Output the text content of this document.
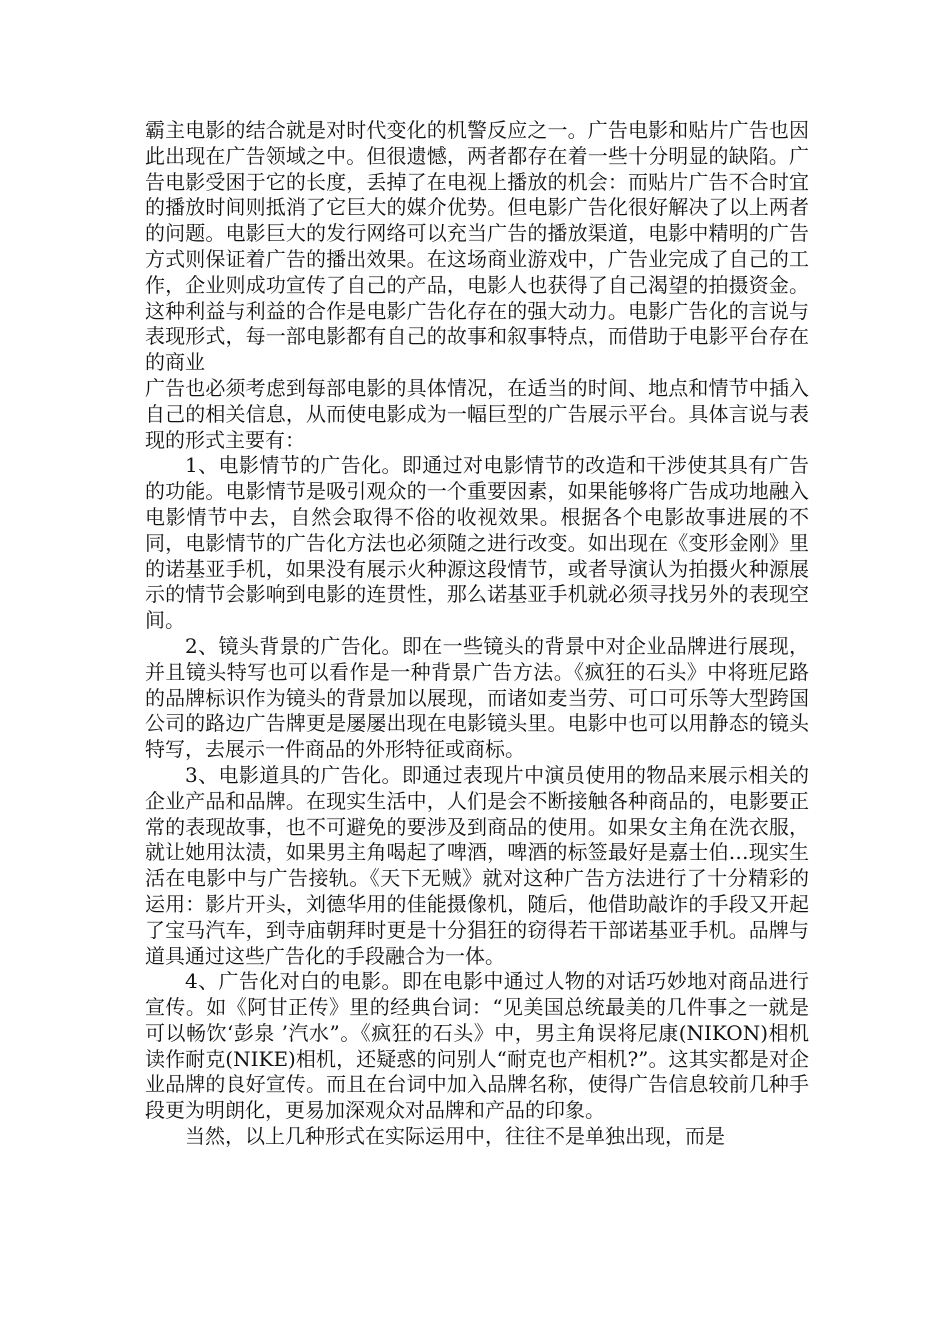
霸主电影的结合就是对时代变化的机警反应之一。广告电影和贴片广告也因此出现在广告领域之中。但很遗憾，两者都存在着一些十分明显的缺陷。广告电影受困于它的长度，丢掉了在电视上播放的机会：而贴片广告不合时宜的播放时间则抵消了它巨大的媒介优势。但电影广告化很好解决了以上两者的问题。电影巨大的发行网络可以充当广告的播放渠道，电影中精明的广告方式则保证着广告的播出效果。在这场商业游戏中，广告业完成了自己的工作，企业则成功宣传了自己的产品，电影人也获得了自己渴望的拍摄资金。这种利益与利益的合作是电影广告化存在的强大动力。电影广告化的言说与表现形式，每一部电影都有自己的故事和叙事特点，而借助于电影平台存在的商业

广告也必须考虑到每部电影的具体情况，在适当的时间、地点和情节中插入自己的相关信息，从而使电影成为一幅巨型的广告展示平台。具体言说与表现的形式主要有：

1、电影情节的广告化。即通过对电影情节的改造和干涉使其具有广告的功能。电影情节是吸引观众的一个重要因素，如果能够将广告成功地融入电影情节中去，自然会取得不俗的收视效果。根据各个电影故事进展的不同，电影情节的广告化方法也必须随之进行改变。如出现在《变形金刚》里的诺基亚手机，如果没有展示火种源这段情节，或者导演认为拍摄火种源展示的情节会影响到电影的连贯性，那么诺基亚手机就必须寻找另外的表现空间。

2、镜头背景的广告化。即在一些镜头的背景中对企业品牌进行展现，并且镜头特写也可以看作是一种背景广告方法。《疯狂的石头》中将班尼路的品牌标识作为镜头的背景加以展现，而诸如麦当劳、可口可乐等大型跨国公司的路边广告牌更是屡屡出现在电影镜头里。电影中也可以用静态的镜头特写，去展示一件商品的外形特征或商标。

3、电影道具的广告化。即通过表现片中演员使用的物品来展示相关的企业产品和品牌。在现实生活中，人们是会不断接触各种商品的，电影要正常的表现故事，也不可避免的要涉及到商品的使用。如果女主角在洗衣服，就让她用汰渍，如果男主角喝起了啤酒，啤酒的标签最好是嘉士伯…现实生活在电影中与广告接轨。《天下无贼》就对这种广告方法进行了十分精彩的运用：影片开头，刘德华用的佳能摄像机，随后，他借助敲诈的手段又开起了宝马汽车，到寺庙朝拜时更是十分猖狂的窃得若干部诺基亚手机。品牌与道具通过这些广告化的手段融合为一体。

4、广告化对白的电影。即在电影中通过人物的对话巧妙地对商品进行宣传。如《阿甘正传》里的经典台词：“见美国总统最美的几件事之一就是可以畅饮‘彭泉 ’汽水”。《疯狂的石头》中，男主角误将尼康(NIKON)相机读作耐克(NIKE)相机，还疑惑的问别人“耐克也产相机?”。这其实都是对企业品牌的良好宣传。而且在台词中加入品牌名称，使得广告信息较前几种手段更为明朗化，更易加深观众对品牌和产品的印象。

当然，以上几种形式在实际运用中，往往不是单独出现，而是
